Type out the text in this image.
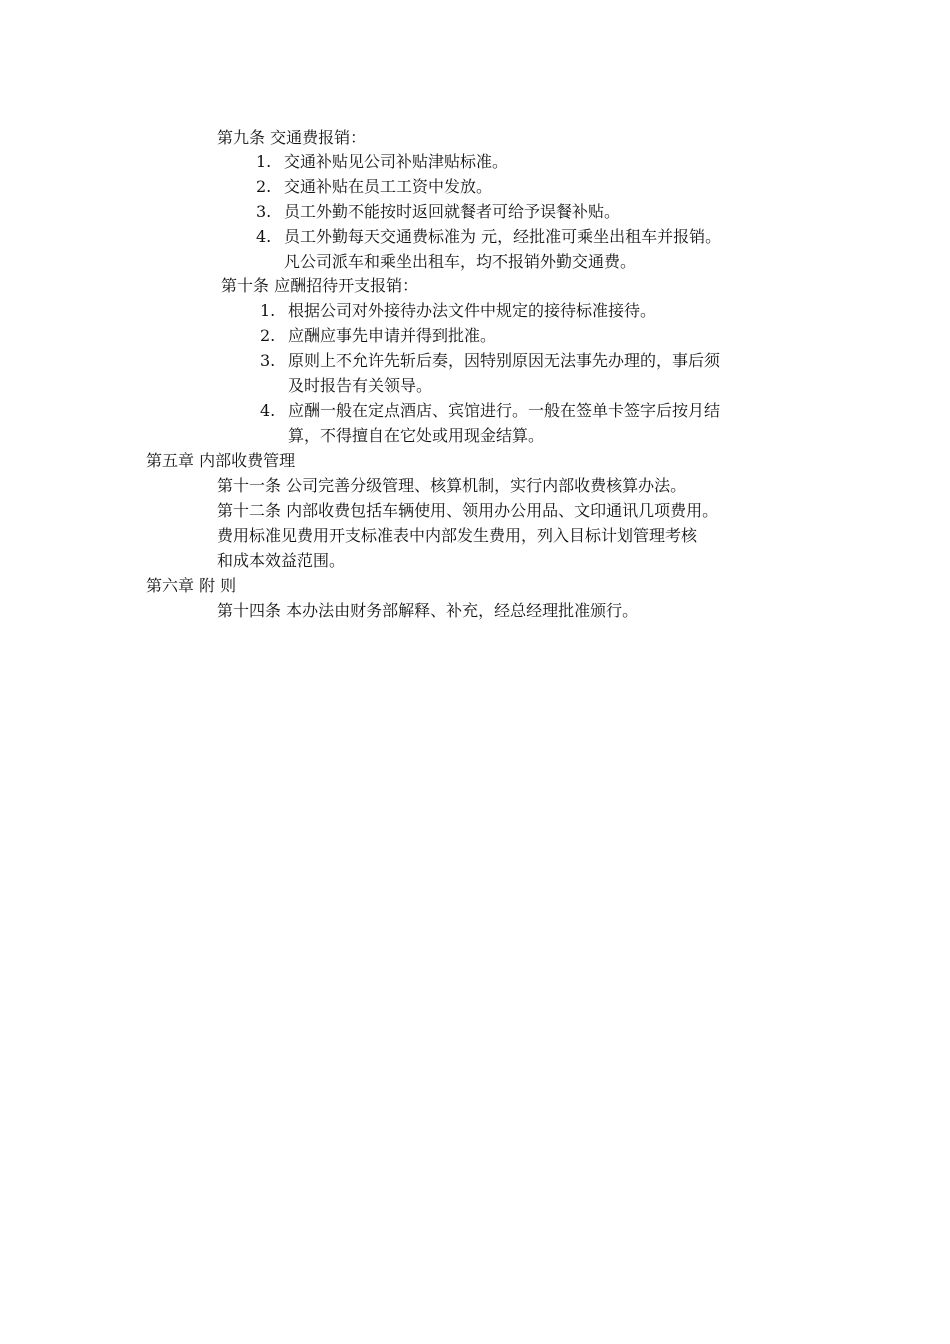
第九条 交通费报销：
1. 交通补贴见公司补贴津贴标准。
2. 交通补贴在员工工资中发放。
3. 员工外勤不能按时返回就餐者可给予误餐补贴。
4. 员工外勤每天交通费标准为 元，经批准可乘坐出租车并报销。
凡公司派车和乘坐出租车，均不报销外勤交通费。
第十条 应酬招待开支报销：
1. 根据公司对外接待办法文件中规定的接待标准接待。
2. 应酬应事先申请并得到批准。
3. 原则上不允许先斩后奏，因特别原因无法事先办理的，事后须
及时报告有关领导。
4. 应酬一般在定点酒店、宾馆进行。一般在签单卡签字后按月结
算，不得擅自在它处或用现金结算。
第五章 内部收费管理
第十一条 公司完善分级管理、核算机制，实行内部收费核算办法。
第十二条 内部收费包括车辆使用、领用办公用品、文印通讯几项费用。
费用标准见费用开支标准表中内部发生费用，列入目标计划管理考核
和成本效益范围。
第六章 附 则
第十四条 本办法由财务部解释、补充，经总经理批准颁行。
